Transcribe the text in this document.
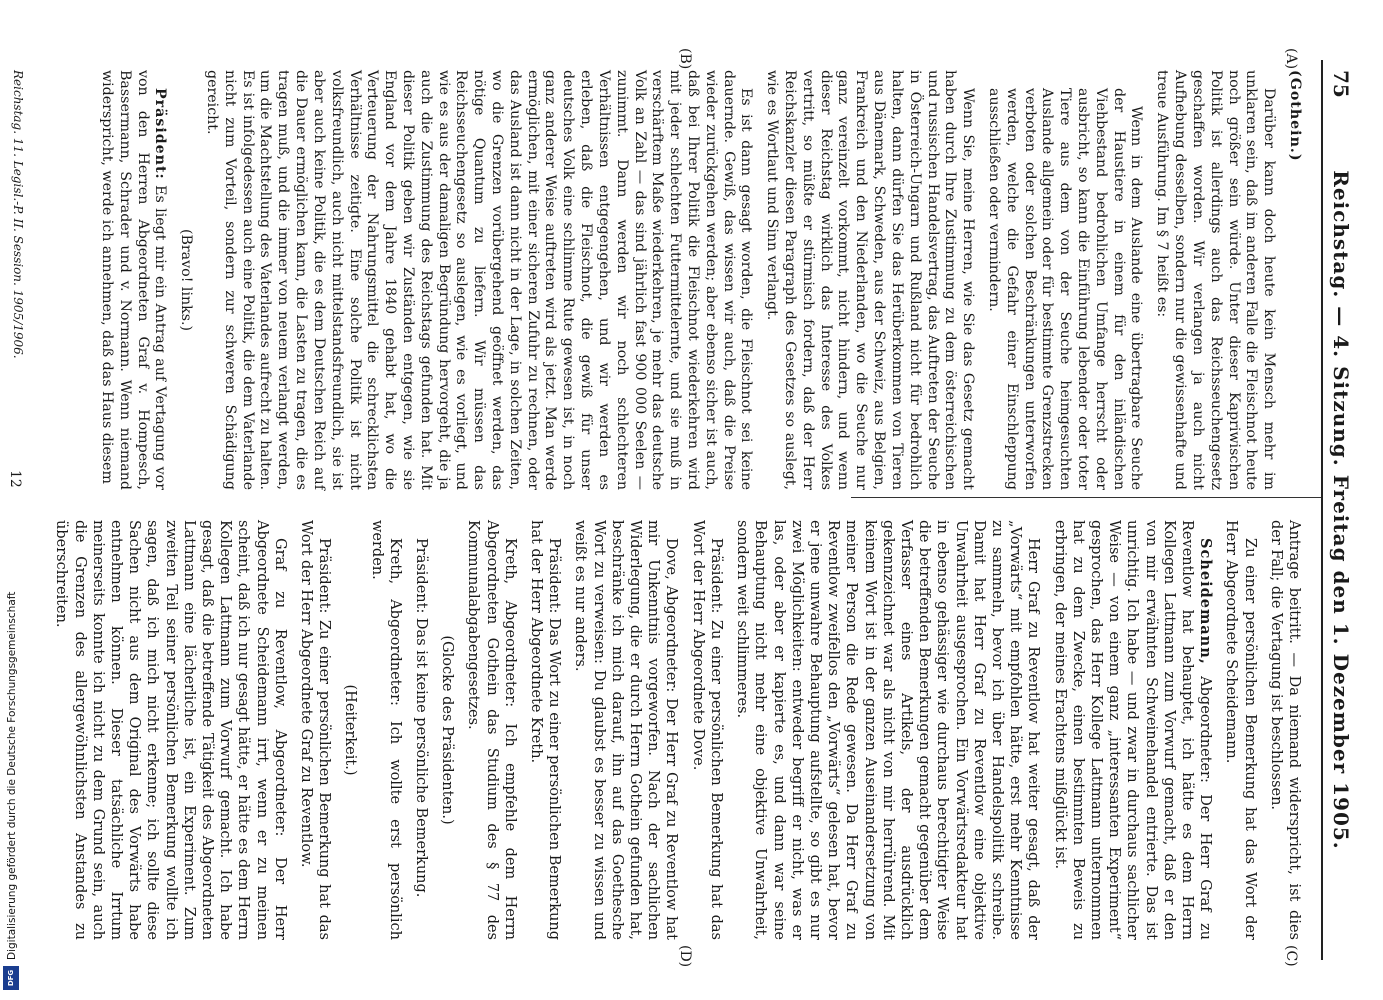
75
Reichstag. — 4. Sitzung. Freitag den 1. Dezember 1905.
(A)
(B)
(C)
(D)

(Gothein.)

Darüber kann doch heute kein Mensch mehr im unklaren sein, daß im anderen Falle die Fleischnot heute noch größer sein würde. Unter dieser Kapriwischen Politik ist allerdings auch das Reichsseuchengesetz geschaffen worden. Wir verlangen ja auch nicht Aufhebung desselben, sondern nur die gewissenhafte und treue Ausführung. Im § 7 heißt es:

Wenn in dem Auslande eine übertragbare Seuche der Haustiere in einem für den inländischen Viehbestand bedrohlichen Umfange herrscht oder ausbricht, so kann die Einführung lebender oder toter Tiere aus dem von der Seuche heimgesuchten Auslande allgemein oder für bestimmte Grenzstrecken verboten oder solchen Beschränkungen unterworfen werden, welche die Gefahr einer Einschleppung ausschließen oder vermindern.

Wenn Sie, meine Herren, wie Sie das Gesetz gemacht haben durch Ihre Zustimmung zu dem österreichischen und russischen Handelsvertrag, das Auftreten der Seuche in Österreich-Ungarn und Rußland nicht für bedrohlich halten, dann dürfen Sie das Herüberkommen von Tieren aus Dänemark, Schweden, aus der Schweiz, aus Belgien, Frankreich und den Niederlanden, wo die Seuche nur ganz vereinzelt vorkommt, nicht hindern, und wenn dieser Reichstag wirklich das Interesse des Volkes vertritt, so müßte er stürmisch fordern, daß der Herr Reichskanzler diesen Paragraph des Gesetzes so auslegt, wie es Wortlaut und Sinn verlangt.

Es ist dann gesagt worden, die Fleischnot sei keine dauernde. Gewiß, das wissen wir auch, daß die Preise wieder zurückgehen werden; aber ebenso sicher ist auch, daß bei Ihrer Politik die Fleischnot wiederkehren wird mit jeder schlechten Futtermittelernte, und sie muß in verschärftem Maße wiederkehren, je mehr das deutsche Volk an Zahl — das sind jährlich fast 900 000 Seelen — zunimmt. Dann werden wir noch schlechteren Verhältnissen entgegengehen, und wir werden es erleben, daß die Fleischnot, die gewiß für unser deutsches Volk eine schlimme Rute gewesen ist, in noch ganz anderer Weise auftreten wird als jetzt. Man werde ermöglichen, mit einer sicheren Zufuhr zu rechnen, oder das Ausland ist dann nicht in der Lage, in solchen Zeiten, wo die Grenzen vorübergehend geöffnet werden, das nötige Quantum zu liefern. Wir müssen das Reichsseuchengesetz so auslegen, wie es vorliegt, und wie es aus der damaligen Begründung hervorgeht, die ja auch die Zustimmung des Reichstags gefunden hat. Mit dieser Politik geben wir Zuständen entgegen, wie sie England vor dem Jahre 1840 gehabt hat, wo die Verteuerung der Nahrungsmittel die schrecklichsten Verhältnisse zeitigte. Eine solche Politik ist nicht volksfreundlich, auch nicht mittelstandsfreundlich, sie ist aber auch keine Politik, die es dem Deutschen Reich auf die Dauer ermöglichen kann, die Lasten zu tragen, die es tragen muß, und die immer von neuem verlangt werden, um die Machtstellung des Vaterlandes aufrecht zu halten. Es ist infolgedessen auch eine Politik, die dem Vaterlande nicht zum Vorteil, sondern zur schweren Schädigung gereicht.

(Bravo! links.)

Präsident: Es liegt mir ein Antrag auf Vertagung vor von den Herren Abgeordneten Graf v. Hompesch, Bassermann, Schrader und v. Normann. Wenn niemand widerspricht, werde ich annehmen, daß das Haus diesem

Antrage beitritt. — Da niemand widerspricht, ist dies der Fall; die Vertagung ist beschlossen.

Zu einer persönlichen Bemerkung hat das Wort der Herr Abgeordnete Scheidemann.

Scheidemann, Abgeordneter: Der Herr Graf zu Reventlow hat behauptet, ich hätte es dem Herrn Kollegen Lattmann zum Vorwurf gemacht, daß er den von mir erwähnten Schweinehandel entrierte. Das ist unrichtig. Ich habe — und zwar in durchaus sachlicher Weise — von einem ganz „interessanten Experiment“ gesprochen, das Herr Kollege Lattmann unternommen hat zu dem Zwecke, einen bestimmten Beweis zu erbringen, der meines Erachtens mißglückt ist.

Herr Graf zu Reventlow hat weiter gesagt, daß der „Vorwärts“ mit empfohlen hätte, erst mehr Kenntnisse zu sammeln, bevor ich über Handelspolitik schreibe. Damit hat Herr Graf zu Reventlow eine objektive Unwahrheit ausgesprochen. Ein Vorwärtsredakteur hat in ebenso gehässiger wie durchaus berechtigter Weise die betreffenden Bemerkungen gemacht gegenüber dem Verfasser eines Artikels, der ausdrücklich gekennzeichnet war als nicht von mir herrührend. Mit keinem Wort ist in der ganzen Auseinandersetzung von meiner Person die Rede gewesen. Da Herr Graf zu Reventlow zweifellos den „Vorwärts“ gelesen hat, bevor er jene unwahre Behauptung aufstellte, so gibt es nur zwei Möglichkeiten: entweder begriff er nicht, was er las, oder aber er kapierte es, und dann war seine Behauptung nicht mehr eine objektive Unwahrheit, sondern weit schlimmeres.

Präsident: Zu einer persönlichen Bemerkung hat das Wort der Herr Abgeordnete Dove.

Dove, Abgeordneter: Der Herr Graf zu Reventlow hat mir Unkenntnis vorgeworfen. Nach der sachlichen Widerlegung, die er durch Herrn Gothein gefunden hat, beschränke ich mich darauf, ihn auf das Goethesche Wort zu verweisen: Du glaubst es besser zu wissen und weißt es nur anders.

Präsident: Das Wort zu einer persönlichen Bemerkung hat der Herr Abgeordnete Kreth.

Kreth, Abgeordneter: Ich empfehle dem Herrn Abgeordneten Gothein das Studium des § 77 des Kommunalabgabengesetzes.

(Glocke des Präsidenten.)

Präsident: Das ist keine persönliche Bemerkung.

Kreth, Abgeordneter: Ich wollte erst persönlich werden.

(Heiterkeit.)

Präsident: Zu einer persönlichen Bemerkung hat das Wort der Herr Abgeordnete Graf zu Reventlow.

Graf zu Reventlow, Abgeordneter: Der Herr Abgeordnete Scheidemann irrt, wenn er zu meinen scheint, daß ich nur gesagt hätte, er hätte es dem Herrn Kollegen Lattmann zum Vorwurf gemacht. Ich habe gesagt, daß die betreffende Tätigkeit des Abgeordneten Lattmann eine lächerliche ist, ein Experiment. Zum zweiten Teil seiner persönlichen Bemerkung wollte ich sagen, daß ich mich nicht erkenne; ich sollte diese Sachen nicht aus dem Original des Vorwärts habe entnehmen können. Dieser tatsächliche Irrtum meinerseits konnte ich nicht zu dem Grund sein, auch die Grenzen des allergewöhnlichsten Anstandes zu überschreiten.

Reichstag. 11. Legisl.-P. II. Session. 1905/1906.
12
Digitalisierung gefördert durch die Deutsche Forschungsgemeinschaft
DFG
